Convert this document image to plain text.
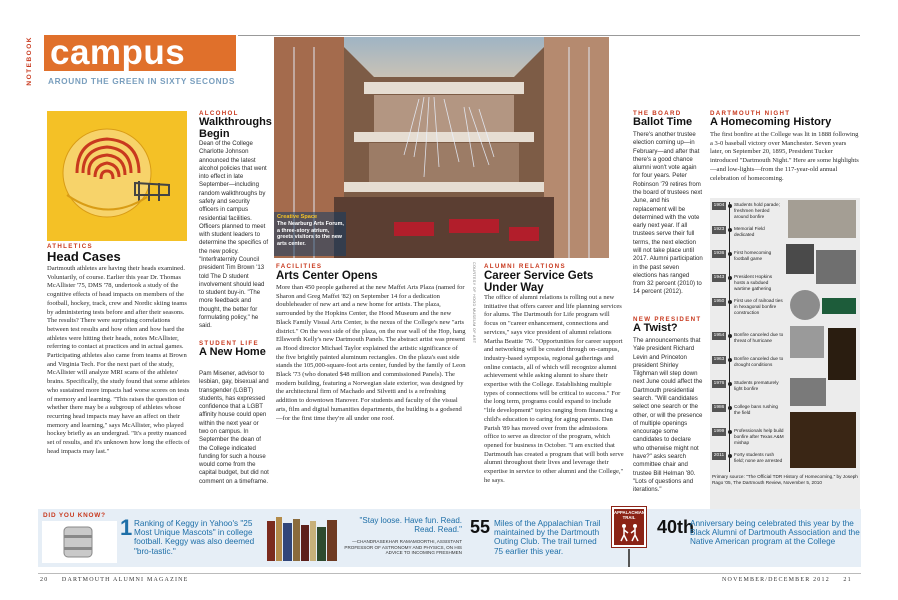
NOTEBOOK campus
AROUND THE GREEN IN SIXTY SECONDS
ATHLETICS
Head Cases
Dartmouth athletes are having their heads examined. Voluntarily, of course. Earlier this year Dr. Thomas McAllister '75, DMS '78, undertook a study of the cognitive effects of head impacts on members of the football, hockey, track, crew and Nordic skiing teams by administering tests before and after their seasons. The results? There were surprising correlations between test results and how often and how hard the athletes were hitting their heads, notes McAllister, referring to contact at practices and in actual games. Participating athletes also came from teams at Brown and Virginia Tech. For the next part of the study, McAllister will analyze MRI scans of the athletes' brains. Specifically, the study found that some athletes who sustained more impacts had worse scores on tests of memory and learning. "This raises the question of whether there may be a subgroup of athletes whose recurring head impacts may have an affect on their memory and learning," says McAllister, who played hockey briefly as an undergrad. "It's a pretty nuanced set of results, and it's unknown how long the effects of head impacts may last."
ALCOHOL
Walkthroughs Begin
Dean of the College Charlotte Johnson announced the latest alcohol policies that went into effect in late September—including random walkthroughs by safety and security officers in campus residential facilities. Officers planned to meet with student leaders to determine the specifics of the new policy. "Interfraternity Council president Tim Brown '13 told The D student involvement should lead to student buy-in. "The more feedback and thought, the better for formulating policy," he said.
STUDENT LIFE
A New Home
Pam Misener, advisor to lesbian, gay, bisexual and transgender (LGBT) students, has expressed confidence that a LGBT affinity house could open within the next year or two on campus. In September the dean of the College indicated funding for such a house would come from the capital budget, but did not comment on a timeframe.
Creative Space
The Nearburg Arts Forum, a three-story atrium, greets visitors to the new arts center.
COURTESY OF HOOD MUSEUM OF ART
FACILITIES
Arts Center Opens
More than 450 people gathered at the new Maffei Arts Plaza (named for Sharon and Greg Maffei '82) on September 14 for a dedication doubleheader of new art and a new home for artists. The plaza, surrounded by the Hopkins Center, the Hood Museum and the new Black Family Visual Arts Center, is the nexus of the College's new "arts district." On the west side of the plaza, on the rear wall of the Hop, hang Ellsworth Kelly's new Dartmouth Panels. The abstract artist was present as Hood director Michael Taylor explained the artistic significance of the five brightly painted aluminum rectangles. On the plaza's east side stands the 105,000-square-foot arts center, funded by the family of Leon Black '73 (who donated $48 million and commissioned Panels). The modern building, featuring a Norwegian slate exterior, was designed by the architectural firm of Machado and Silvetti and is a refreshing addition to downtown Hanover. For students and faculty of the visual arts, film and digital humanities departments, the building is a godsend—for the first time they're all under one roof.
ALUMNI RELATIONS
Career Service Gets Under Way
The office of alumni relations is rolling out a new initiative that offers career and life planning services for alums. The Dartmouth for Life program will focus on "career enhancement, connections and services," says vice president of alumni relations Martha Beattie '76. "Opportunities for career support and networking will be created through on-campus, industry-based symposia, regional gatherings and online contacts, all of which will recognize alumni achievement while asking alumni to share their expertise with the College. Establishing multiple types of connections will be critical to success." For the long term, programs could expand to include "life development" topics ranging from financing a child's education to caring for aging parents. Dan Parish '89 has moved over from the admissions office to serve as director of the program, which opened for business in October. "I am excited that Dartmouth has created a program that will both serve alumni throughout their lives and leverage their expertise in service to other alumni and the College," he says.
THE BOARD
Ballot Time
There's another trustee election coming up—in February—and after that there's a good chance alumni won't vote again for four years. Peter Robinson '79 retires from the board of trustees next June, and his replacement will be determined with the vote early next year. If all trustees serve their full terms, the next election will not take place until 2017. Alumni participation in the past seven elections has ranged from 32 percent (2010) to 14 percent (2012).
NEW PRESIDENT
A Twist?
The announcements that Yale president Richard Levin and Princeton president Shirley Tilghman will step down next June could affect the Dartmouth presidential search. "Will candidates select one search or the other, or will the presence of multiple openings encourage some candidates to declare who otherwise might not have?" asks search committee chair and trustee Bill Helman '80. "Lots of questions and iterations."
DARTMOUTH NIGHT
A Homecoming History
The first bonfire at the College was lit in 1888 following a 3-0 baseball victory over Manchester. Seven years later, on September 20, 1895, President Tucker introduced "Dartmouth Night." Here are some highlights—and low-lights—from the 117-year-old annual celebration of homecoming.
1904	Students hold parade; freshmen herded around bonfire
1923	Memorial Field dedicated
1936	First homecoming football game
1943	President Hopkins hosts a subdued wartime gathering
1950	First use of railroad ties in hexagonal bonfire construction
1954	Bonfire canceled due to threat of hurricane
1963	Bonfire canceled due to drought conditions
1976	Students prematurely light bonfire
1986	College bans rushing the field
1999	Professionals help build bonfire after Texas A&M mishap
2011	Forty students rush field; none are arrested
Primary source: "The Official TDR History of Homecoming," by Joseph Rago '05, The Dartmouth Review, November 5, 2010
DID YOU KNOW? 1 Ranking of Keggy in Yahoo's "25 Most Unique Mascots" in college football. Keggy was also deemed "bro-tastic."
"Stay loose. Have fun. Read. Read. Read."
—CHANDRASEKHAR RAMAMOORTHI, ASSISTANT PROFESSOR OF ASTRONOMY AND PHYSICS, ON HIS ADVICE TO INCOMING FRESHMEN
55 Miles of the Appalachian Trail maintained by the Dartmouth Outing Club. The trail turned 75 earlier this year.
APPALACHIAN TRAIL	40th
Anniversary being celebrated this year by the Black Alumni of Dartmouth Association and the Native American program at the College
20 DARTMOUTH ALUMNI MAGAZINE	NOVEMBER/DECEMBER 2012 21
